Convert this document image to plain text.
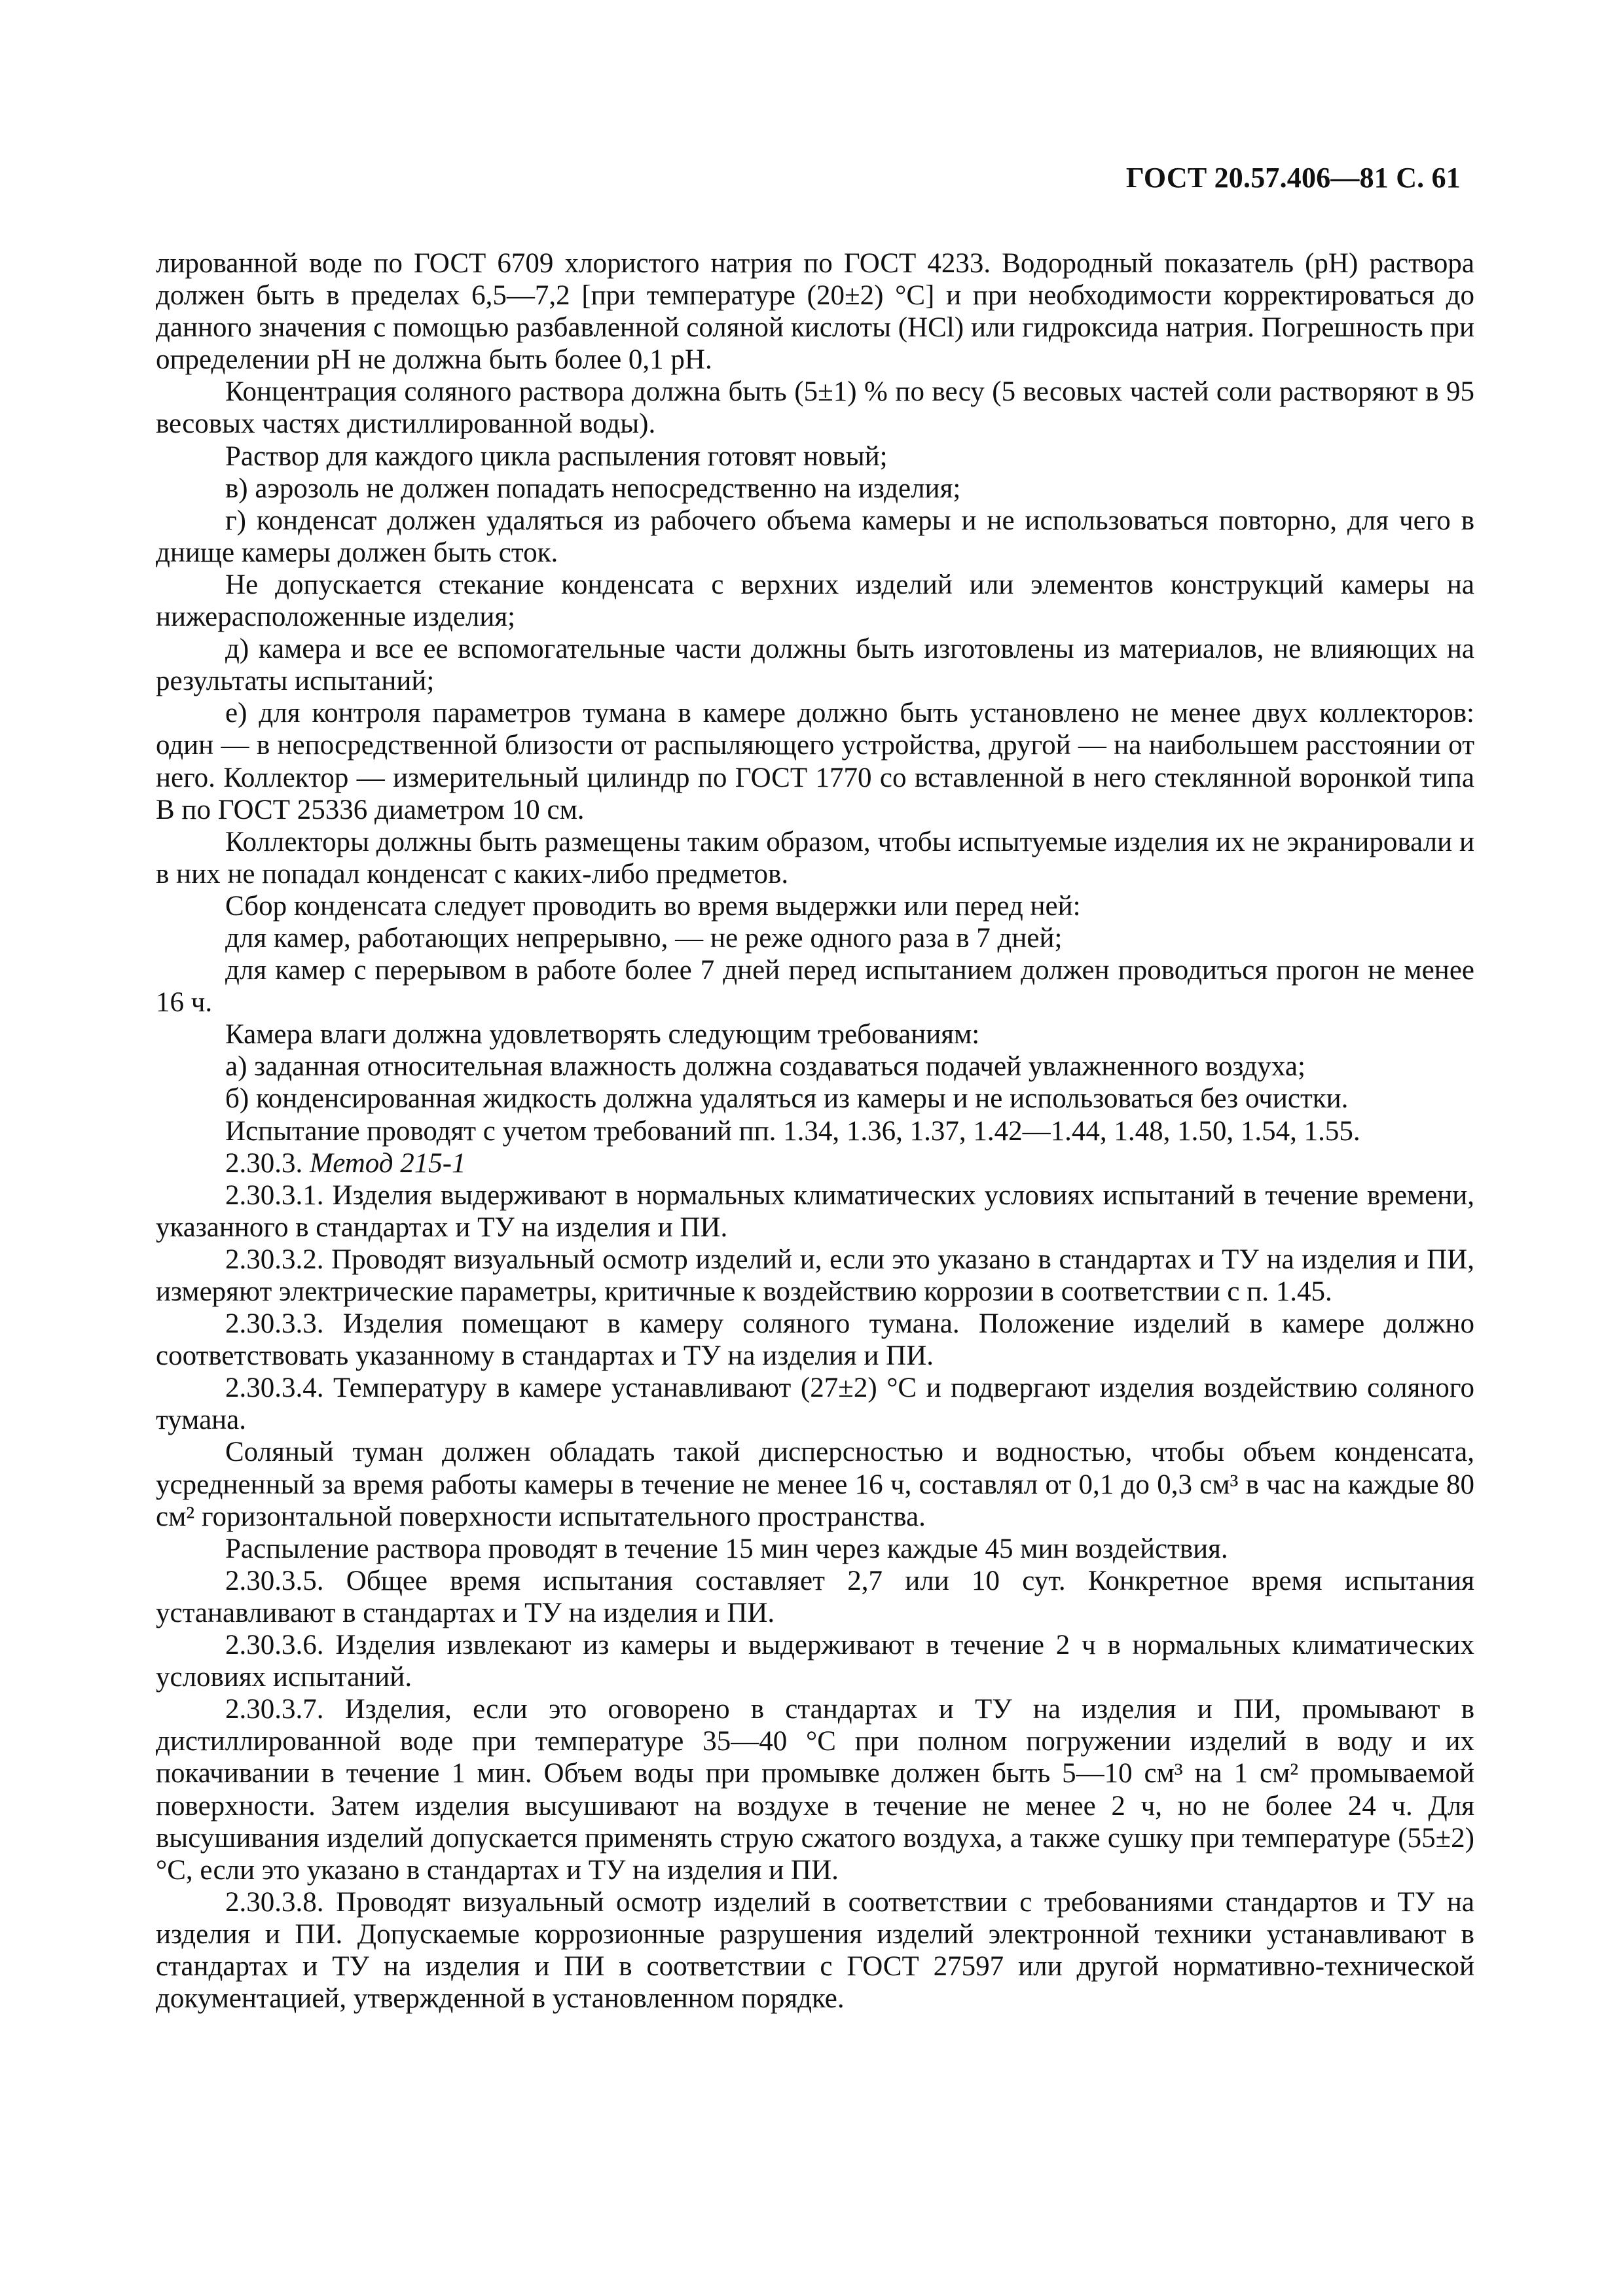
ГОСТ 20.57.406—81 С. 61

лированной воде по ГОСТ 6709 хлористого натрия по ГОСТ 4233. Водородный показатель (pH) раствора должен быть в пределах 6,5—7,2 [при температуре (20±2) °С] и при необходимости корректироваться до данного значения с помощью разбавленной соляной кислоты (HCl) или гидроксида натрия. Погрешность при определении pH не должна быть более 0,1 pH.

Концентрация соляного раствора должна быть (5±1) % по весу (5 весовых частей соли растворяют в 95 весовых частях дистиллированной воды).

Раствор для каждого цикла распыления готовят новый;

в) аэрозоль не должен попадать непосредственно на изделия;

г) конденсат должен удаляться из рабочего объема камеры и не использоваться повторно, для чего в днище камеры должен быть сток.

Не допускается стекание конденсата с верхних изделий или элементов конструкций камеры на нижерасположенные изделия;

д) камера и все ее вспомогательные части должны быть изготовлены из материалов, не влияющих на результаты испытаний;

е) для контроля параметров тумана в камере должно быть установлено не менее двух коллекторов: один — в непосредственной близости от распыляющего устройства, другой — на наибольшем расстоянии от него. Коллектор — измерительный цилиндр по ГОСТ 1770 со вставленной в него стеклянной воронкой типа В по ГОСТ 25336 диаметром 10 см.

Коллекторы должны быть размещены таким образом, чтобы испытуемые изделия их не экранировали и в них не попадал конденсат с каких-либо предметов.

Сбор конденсата следует проводить во время выдержки или перед ней:

для камер, работающих непрерывно, — не реже одного раза в 7 дней;

для камер с перерывом в работе более 7 дней перед испытанием должен проводиться прогон не менее 16 ч.

Камера влаги должна удовлетворять следующим требованиям:

а) заданная относительная влажность должна создаваться подачей увлажненного воздуха;

б) конденсированная жидкость должна удаляться из камеры и не использоваться без очистки.

Испытание проводят с учетом требований пп. 1.34, 1.36, 1.37, 1.42—1.44, 1.48, 1.50, 1.54, 1.55.

2.30.3. Метод 215-1

2.30.3.1. Изделия выдерживают в нормальных климатических условиях испытаний в течение времени, указанного в стандартах и ТУ на изделия и ПИ.

2.30.3.2. Проводят визуальный осмотр изделий и, если это указано в стандартах и ТУ на изделия и ПИ, измеряют электрические параметры, критичные к воздействию коррозии в соответствии с п. 1.45.

2.30.3.3. Изделия помещают в камеру соляного тумана. Положение изделий в камере должно соответствовать указанному в стандартах и ТУ на изделия и ПИ.

2.30.3.4. Температуру в камере устанавливают (27±2) °С и подвергают изделия воздействию соляного тумана.

Соляный туман должен обладать такой дисперсностью и водностью, чтобы объем конденсата, усредненный за время работы камеры в течение не менее 16 ч, составлял от 0,1 до 0,3 см³ в час на каждые 80 см² горизонтальной поверхности испытательного пространства.

Распыление раствора проводят в течение 15 мин через каждые 45 мин воздействия.

2.30.3.5. Общее время испытания составляет 2,7 или 10 сут. Конкретное время испытания устанавливают в стандартах и ТУ на изделия и ПИ.

2.30.3.6. Изделия извлекают из камеры и выдерживают в течение 2 ч в нормальных климатических условиях испытаний.

2.30.3.7. Изделия, если это оговорено в стандартах и ТУ на изделия и ПИ, промывают в дистиллированной воде при температуре 35—40 °С при полном погружении изделий в воду и их покачивании в течение 1 мин. Объем воды при промывке должен быть 5—10 см³ на 1 см² промываемой поверхности. Затем изделия высушивают на воздухе в течение не менее 2 ч, но не более 24 ч. Для высушивания изделий допускается применять струю сжатого воздуха, а также сушку при температуре (55±2) °С, если это указано в стандартах и ТУ на изделия и ПИ.

2.30.3.8. Проводят визуальный осмотр изделий в соответствии с требованиями стандартов и ТУ на изделия и ПИ. Допускаемые коррозионные разрушения изделий электронной техники устанавливают в стандартах и ТУ на изделия и ПИ в соответствии с ГОСТ 27597 или другой нормативно-технической документацией, утвержденной в установленном порядке.
